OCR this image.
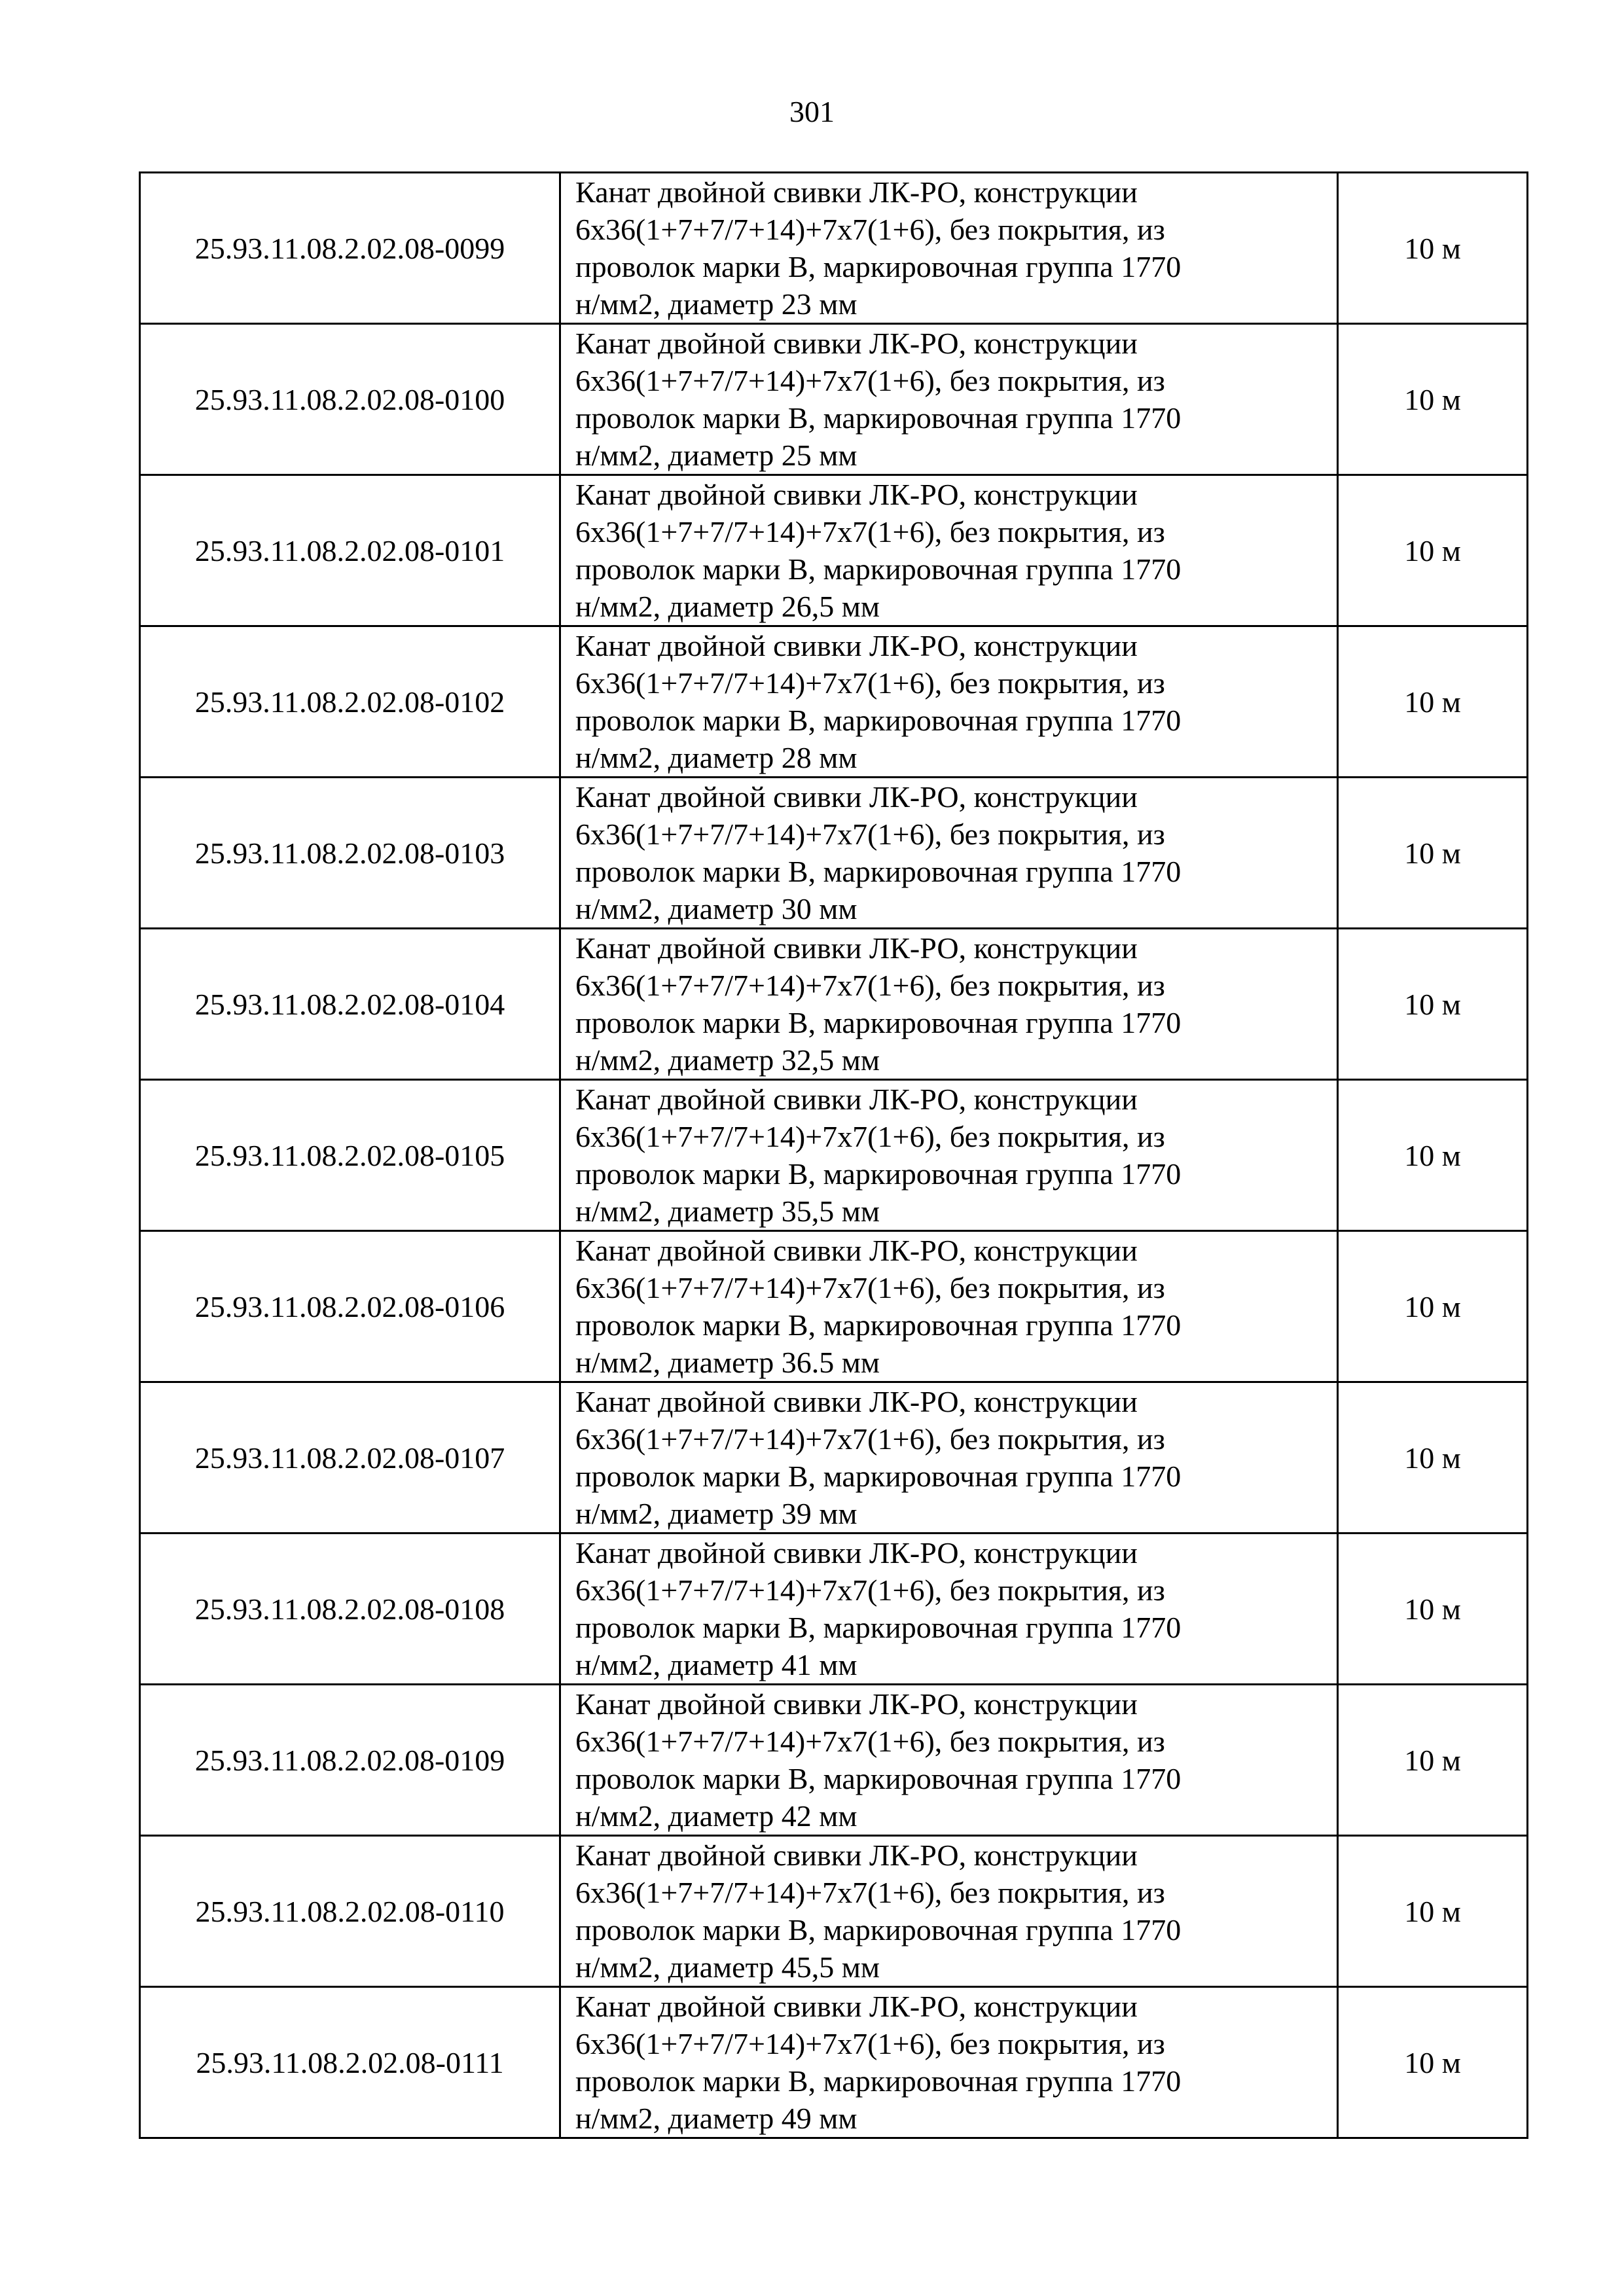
301
25.93.11.08.2.02.08-0099	Канат двойной свивки ЛК-РО, конструкции
6х36(1+7+7/7+14)+7х7(1+6), без покрытия, из
проволок марки В, маркировочная группа 1770
н/мм2, диаметр 23 мм	10 м
25.93.11.08.2.02.08-0100	Канат двойной свивки ЛК-РО, конструкции
6х36(1+7+7/7+14)+7х7(1+6), без покрытия, из
проволок марки В, маркировочная группа 1770
н/мм2, диаметр 25 мм	10 м
25.93.11.08.2.02.08-0101	Канат двойной свивки ЛК-РО, конструкции
6х36(1+7+7/7+14)+7х7(1+6), без покрытия, из
проволок марки В, маркировочная группа 1770
н/мм2, диаметр 26,5 мм	10 м
25.93.11.08.2.02.08-0102	Канат двойной свивки ЛК-РО, конструкции
6х36(1+7+7/7+14)+7х7(1+6), без покрытия, из
проволок марки В, маркировочная группа 1770
н/мм2, диаметр 28 мм	10 м
25.93.11.08.2.02.08-0103	Канат двойной свивки ЛК-РО, конструкции
6х36(1+7+7/7+14)+7х7(1+6), без покрытия, из
проволок марки В, маркировочная группа 1770
н/мм2, диаметр 30 мм	10 м
25.93.11.08.2.02.08-0104	Канат двойной свивки ЛК-РО, конструкции
6х36(1+7+7/7+14)+7х7(1+6), без покрытия, из
проволок марки В, маркировочная группа 1770
н/мм2, диаметр 32,5 мм	10 м
25.93.11.08.2.02.08-0105	Канат двойной свивки ЛК-РО, конструкции
6х36(1+7+7/7+14)+7х7(1+6), без покрытия, из
проволок марки В, маркировочная группа 1770
н/мм2, диаметр 35,5 мм	10 м
25.93.11.08.2.02.08-0106	Канат двойной свивки ЛК-РО, конструкции
6х36(1+7+7/7+14)+7х7(1+6), без покрытия, из
проволок марки В, маркировочная группа 1770
н/мм2, диаметр 36.5 мм	10 м
25.93.11.08.2.02.08-0107	Канат двойной свивки ЛК-РО, конструкции
6х36(1+7+7/7+14)+7х7(1+6), без покрытия, из
проволок марки В, маркировочная группа 1770
н/мм2, диаметр 39 мм	10 м
25.93.11.08.2.02.08-0108	Канат двойной свивки ЛК-РО, конструкции
6х36(1+7+7/7+14)+7х7(1+6), без покрытия, из
проволок марки В, маркировочная группа 1770
н/мм2, диаметр 41 мм	10 м
25.93.11.08.2.02.08-0109	Канат двойной свивки ЛК-РО, конструкции
6х36(1+7+7/7+14)+7х7(1+6), без покрытия, из
проволок марки В, маркировочная группа 1770
н/мм2, диаметр 42 мм	10 м
25.93.11.08.2.02.08-0110	Канат двойной свивки ЛК-РО, конструкции
6х36(1+7+7/7+14)+7х7(1+6), без покрытия, из
проволок марки В, маркировочная группа 1770
н/мм2, диаметр 45,5 мм	10 м
25.93.11.08.2.02.08-0111	Канат двойной свивки ЛК-РО, конструкции
6х36(1+7+7/7+14)+7х7(1+6), без покрытия, из
проволок марки В, маркировочная группа 1770
н/мм2, диаметр 49 мм	10 м
